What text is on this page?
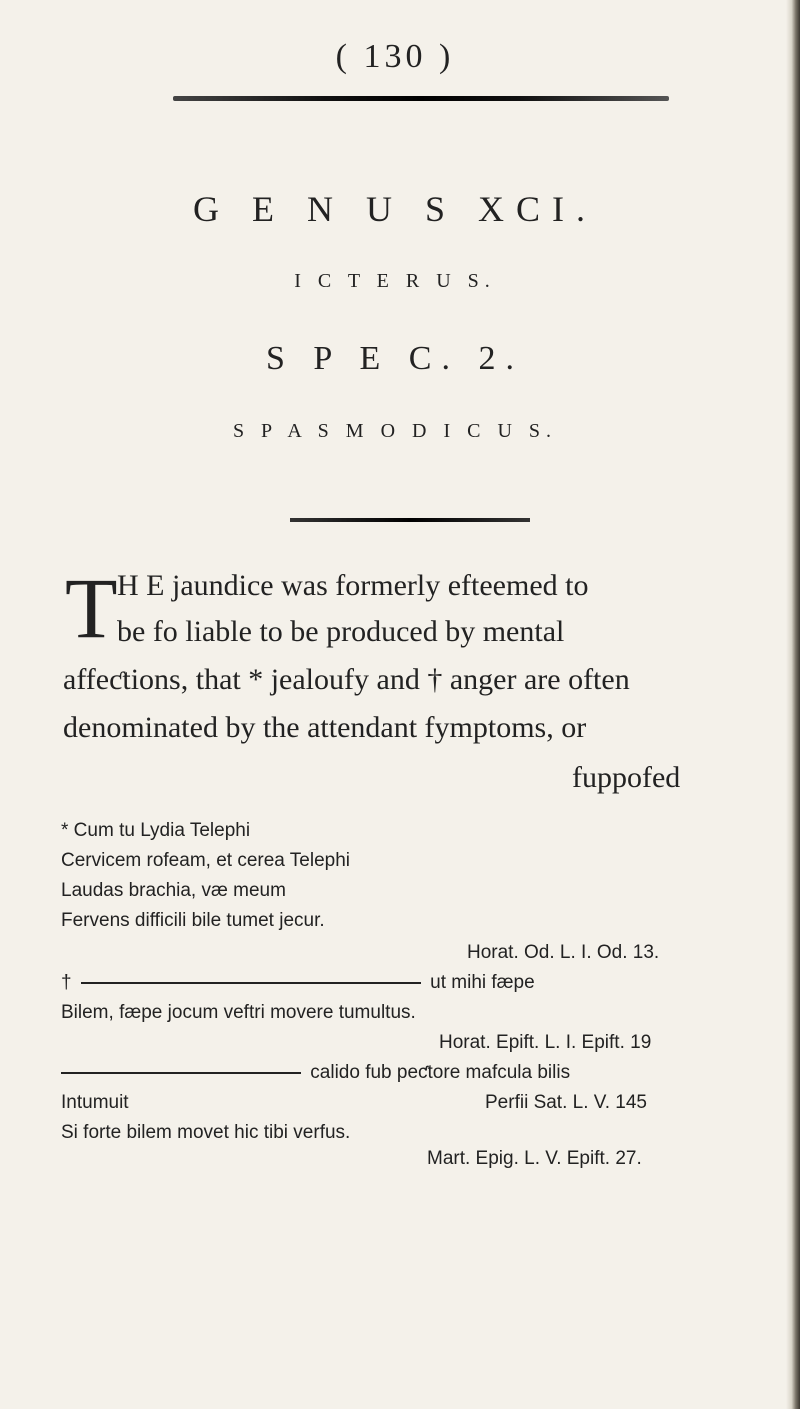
( 130 )
G E N U S XCI.
I C T E R U S.
S P E C. 2.
S P A S M O D I C U S.
T H E jaundice was formerly efteemed to
be fo liable to be produced by mental
affeƈtions, that * jealoufy and † anger are often
denominated by the attendant fymptoms, or
fuppofed
* Cum tu Lydia Telephi
Cervicem rofeam, et cerea Telephi
Laudas brachia, væ meum
Fervens difficili bile tumet jecur.
Horat. Od. L. I. Od. 13.
†	ut mihi fæpe
Bilem, fæpe jocum veftri movere tumultus.
Horat. Epift. L. I. Epift. 19
calido fub peƈtore mafcula bilis
Intumuit	Perfii Sat. L. V. 145
Si forte bilem movet hic tibi verfus.
Mart. Epig. L. V. Epift. 27.
